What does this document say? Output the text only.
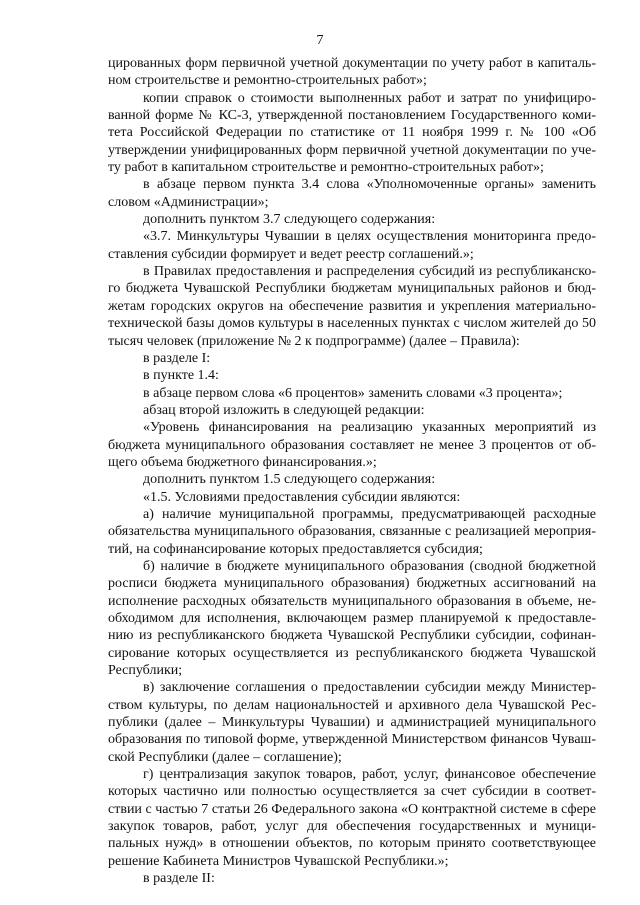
7

цированных форм первичной учетной документации по учету работ в капитальном строительстве и ремонтно-строительных работ»;

копии справок о стоимости выполненных работ и затрат по унифицированной форме № КС-3, утвержденной постановлением Государственного комитета Российской Федерации по статистике от 11 ноября 1999 г. № 100 «Об утверждении унифицированных форм первичной учетной документации по учету работ в капитальном строительстве и ремонтно-строительных работ»;

в абзаце первом пункта 3.4 слова «Уполномоченные органы» заменить словом «Администрации»;

дополнить пунктом 3.7 следующего содержания:

«3.7. Минкультуры Чувашии в целях осуществления мониторинга предоставления субсидии формирует и ведет реестр соглашений.»;

в Правилах предоставления и распределения субсидий из республиканского бюджета Чувашской Республики бюджетам муниципальных районов и бюджетам городских округов на обеспечение развития и укрепления материально-технической базы домов культуры в населенных пунктах с числом жителей до 50 тысяч человек (приложение № 2 к подпрограмме) (далее – Правила):

в разделе I:

в пункте 1.4:

в абзаце первом слова «6 процентов» заменить словами «3 процента»;

абзац второй изложить в следующей редакции:

«Уровень финансирования на реализацию указанных мероприятий из бюджета муниципального образования составляет не менее 3 процентов от общего объема бюджетного финансирования.»;

дополнить пунктом 1.5 следующего содержания:

«1.5. Условиями предоставления субсидии являются:

а) наличие муниципальной программы, предусматривающей расходные обязательства муниципального образования, связанные с реализацией мероприятий, на софинансирование которых предоставляется субсидия;

б) наличие в бюджете муниципального образования (сводной бюджетной росписи бюджета муниципального образования) бюджетных ассигнований на исполнение расходных обязательств муниципального образования в объеме, необходимом для исполнения, включающем размер планируемой к предоставлению из республиканского бюджета Чувашской Республики субсидии, софинансирование которых осуществляется из республиканского бюджета Чувашской Республики;

в) заключение соглашения о предоставлении субсидии между Министерством культуры, по делам национальностей и архивного дела Чувашской Республики (далее – Минкультуры Чувашии) и администрацией муниципального образования по типовой форме, утвержденной Министерством финансов Чувашской Республики (далее – соглашение);

г) централизация закупок товаров, работ, услуг, финансовое обеспечение которых частично или полностью осуществляется за счет субсидии в соответствии с частью 7 статьи 26 Федерального закона «О контрактной системе в сфере закупок товаров, работ, услуг для обеспечения государственных и муниципальных нужд» в отношении объектов, по которым принято соответствующее решение Кабинета Министров Чувашской Республики.»;

в разделе II:
